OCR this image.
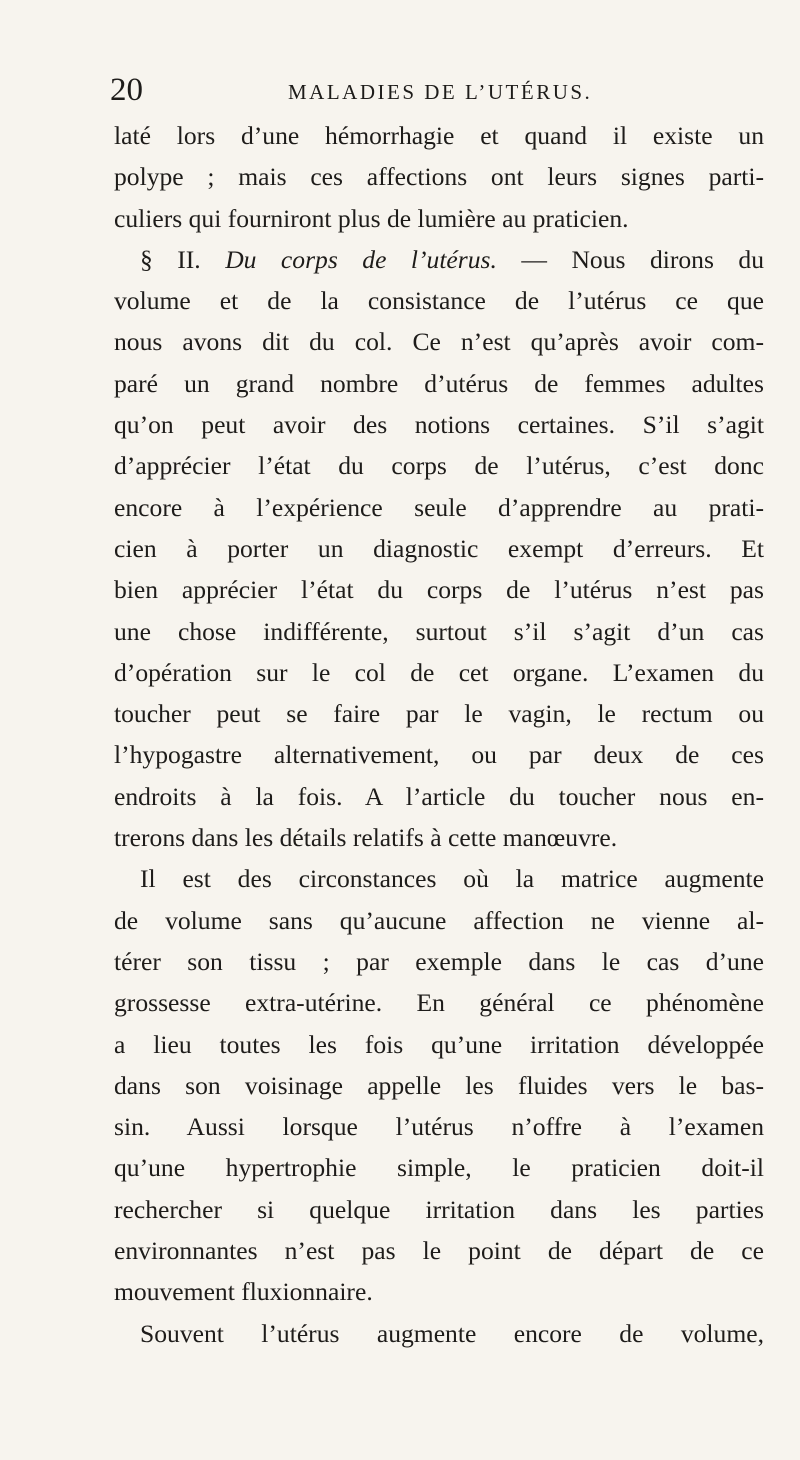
20	MALADIES DE L’UTÉRUS.
laté lors d’une hémorrhagie et quand il existe un
polype ; mais ces affections ont leurs signes parti-
culiers qui fourniront plus de lumière au praticien.
§ II. Du corps de l’utérus. — Nous dirons du
volume et de la consistance de l’utérus ce que
nous avons dit du col. Ce n’est qu’après avoir com-
paré un grand nombre d’utérus de femmes adultes
qu’on peut avoir des notions certaines. S’il s’agit
d’apprécier l’état du corps de l’utérus, c’est donc
encore à l’expérience seule d’apprendre au prati-
cien à porter un diagnostic exempt d’erreurs. Et
bien apprécier l’état du corps de l’utérus n’est pas
une chose indifférente, surtout s’il s’agit d’un cas
d’opération sur le col de cet organe. L’examen du
toucher peut se faire par le vagin, le rectum ou
l’hypogastre alternativement, ou par deux de ces
endroits à la fois. A l’article du toucher nous en-
trerons dans les détails relatifs à cette manœuvre.
Il est des circonstances où la matrice augmente
de volume sans qu’aucune affection ne vienne al-
térer son tissu ; par exemple dans le cas d’une
grossesse extra-utérine. En général ce phénomène
a lieu toutes les fois qu’une irritation développée
dans son voisinage appelle les fluides vers le bas-
sin. Aussi lorsque l’utérus n’offre à l’examen
qu’une hypertrophie simple, le praticien doit-il
rechercher si quelque irritation dans les parties
environnantes n’est pas le point de départ de ce
mouvement fluxionnaire.
Souvent l’utérus augmente encore de volume,
